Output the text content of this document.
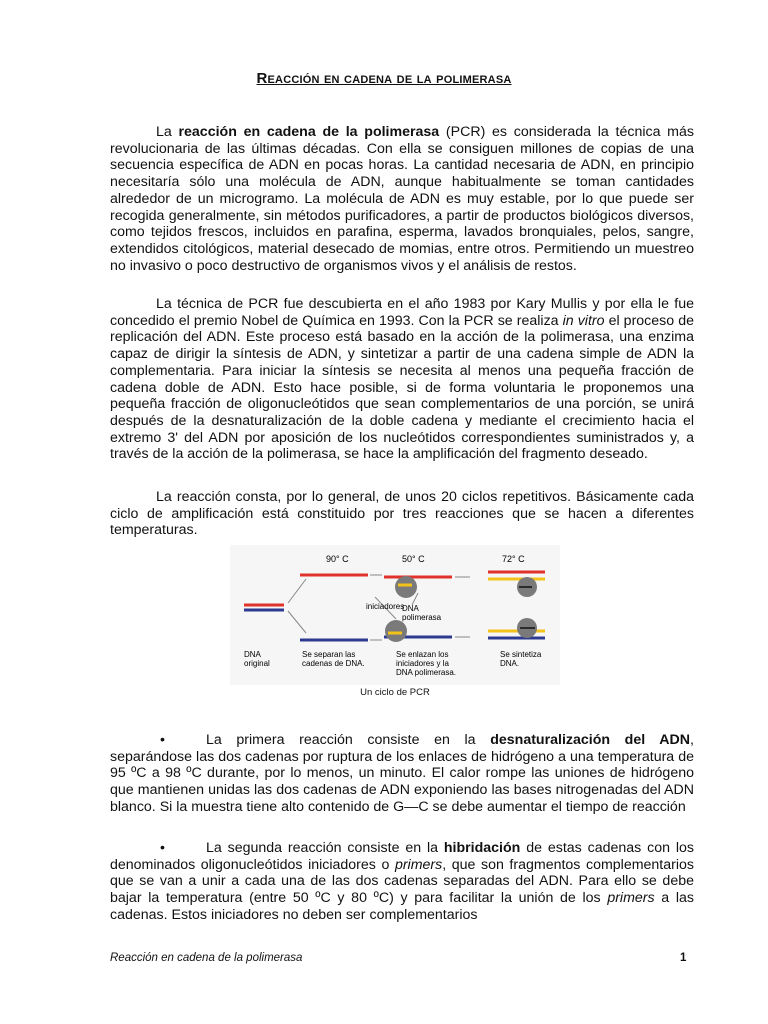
Reacción en cadena de la polimerasa

La reacción en cadena de la polimerasa (PCR) es considerada la técnica más revolucionaria de las últimas décadas. Con ella se consiguen millones de copias de una secuencia específica de ADN en pocas horas. La cantidad necesaria de ADN, en principio necesitaría sólo una molécula de ADN, aunque habitualmente se toman cantidades alrededor de un microgramo. La molécula de ADN es muy estable, por lo que puede ser recogida generalmente, sin métodos purificadores, a partir de productos biológicos diversos, como tejidos frescos, incluidos en parafina, esperma, lavados bronquiales, pelos, sangre, extendidos citológicos, material desecado de momias, entre otros. Permitiendo un muestreo no invasivo o poco destructivo de organismos vivos y el análisis de restos.

La técnica de PCR fue descubierta en el año 1983 por Kary Mullis y por ella le fue concedido el premio Nobel de Química en 1993. Con la PCR se realiza in vitro el proceso de replicación del ADN. Este proceso está basado en la acción de la polimerasa, una enzima capaz de dirigir la síntesis de ADN, y sintetizar a partir de una cadena simple de ADN la complementaria. Para iniciar la síntesis se necesita al menos una pequeña fracción de cadena doble de ADN. Esto hace posible, si de forma voluntaria le proponemos una pequeña fracción de oligonucleótidos que sean complementarios de una porción, se unirá después de la desnaturalización de la doble cadena y mediante el crecimiento hacia el extremo 3' del ADN por aposición de los nucleótidos correspondientes suministrados y, a través de la acción de la polimerasa, se hace la amplificación del fragmento deseado.

La reacción consta, por lo general, de unos 20 ciclos repetitivos. Básicamente cada ciclo de amplificación está constituido por tres reacciones que se hacen a diferentes temperaturas.

90° C	50° C	72° C
iniciadores
DNA
polimerasa
DNA
original
Se separan las
cadenas de DNA.
Se enlazan los
iniciadores y la
DNA polimerasa.
Se sintetiza
DNA.
Un ciclo de PCR

•	La primera reacción consiste en la desnaturalización del ADN, separándose las dos cadenas por ruptura de los enlaces de hidrógeno a una temperatura de 95 ºC a 98 ºC durante, por lo menos, un minuto. El calor rompe las uniones de hidrógeno que mantienen unidas las dos cadenas de ADN exponiendo las bases nitrogenadas del ADN blanco. Si la muestra tiene alto contenido de G—C se debe aumentar el tiempo de reacción

•	La segunda reacción consiste en la hibridación de estas cadenas con los denominados oligonucleótidos iniciadores o primers, que son fragmentos complementarios que se van a unir a cada una de las dos cadenas separadas del ADN. Para ello se debe bajar la temperatura (entre 50 ºC y 80 ºC) y para facilitar la unión de los primers a las cadenas. Estos iniciadores no deben ser complementarios

Reacción en cadena de la polimerasa	1
